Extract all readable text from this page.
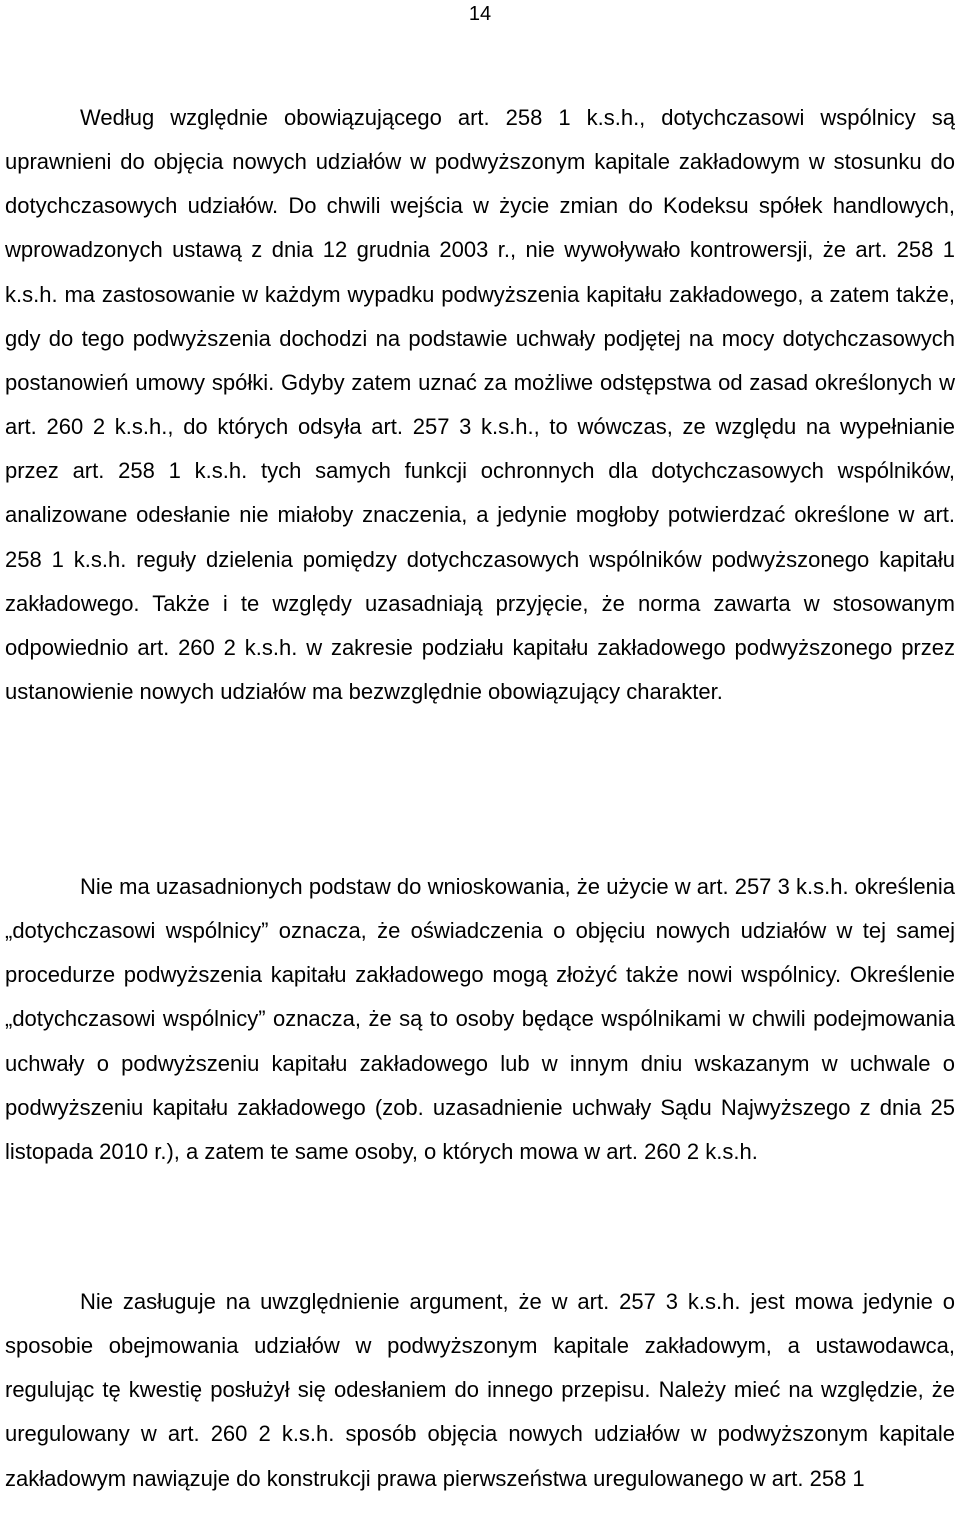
14

Według względnie obowiązującego art. 258 1 k.s.h., dotychczasowi wspólnicy są uprawnieni do objęcia nowych udziałów w podwyższonym kapitale zakładowym w stosunku do dotychczasowych udziałów. Do chwili wejścia w życie zmian do Kodeksu spółek handlowych, wprowadzonych ustawą z dnia 12 grudnia 2003 r., nie wywoływało kontrowersji, że art. 258 1 k.s.h. ma zastosowanie w każdym wypadku podwyższenia kapitału zakładowego, a zatem także, gdy do tego podwyższenia dochodzi na podstawie uchwały podjętej na mocy dotychczasowych postanowień umowy spółki. Gdyby zatem uznać za możliwe odstępstwa od zasad określonych w art. 260 2 k.s.h., do których odsyła art. 257 3 k.s.h., to wówczas, ze względu na wypełnianie przez art. 258 1 k.s.h. tych samych funkcji ochronnych dla dotychczasowych wspólników, analizowane odesłanie nie miałoby znaczenia, a jedynie mogłoby potwierdzać określone w art. 258 1 k.s.h. reguły dzielenia pomiędzy dotychczasowych wspólników podwyższonego kapitału zakładowego. Także i te względy uzasadniają przyjęcie, że norma zawarta w stosowanym odpowiednio art. 260 2 k.s.h. w zakresie podziału kapitału zakładowego podwyższonego przez ustanowienie nowych udziałów ma bezwzględnie obowiązujący charakter.

Nie ma uzasadnionych podstaw do wnioskowania, że użycie w art. 257 3 k.s.h. określenia „dotychczasowi wspólnicy” oznacza, że oświadczenia o objęciu nowych udziałów w tej samej procedurze podwyższenia kapitału zakładowego mogą złożyć także nowi wspólnicy. Określenie „dotychczasowi wspólnicy” oznacza, że są to osoby będące wspólnikami w chwili podejmowania uchwały o podwyższeniu kapitału zakładowego lub w innym dniu wskazanym w uchwale o podwyższeniu kapitału zakładowego (zob. uzasadnienie uchwały Sądu Najwyższego z dnia 25 listopada 2010 r.), a zatem te same osoby, o których mowa w art. 260 2 k.s.h.

Nie zasługuje na uwzględnienie argument, że w art. 257 3 k.s.h. jest mowa jedynie o sposobie obejmowania udziałów w podwyższonym kapitale zakładowym, a ustawodawca, regulując tę kwestię posłużył się odesłaniem do innego przepisu. Należy mieć na względzie, że uregulowany w art. 260 2 k.s.h. sposób objęcia nowych udziałów w podwyższonym kapitale zakładowym nawiązuje do konstrukcji prawa pierwszeństwa uregulowanego w art. 258 1
